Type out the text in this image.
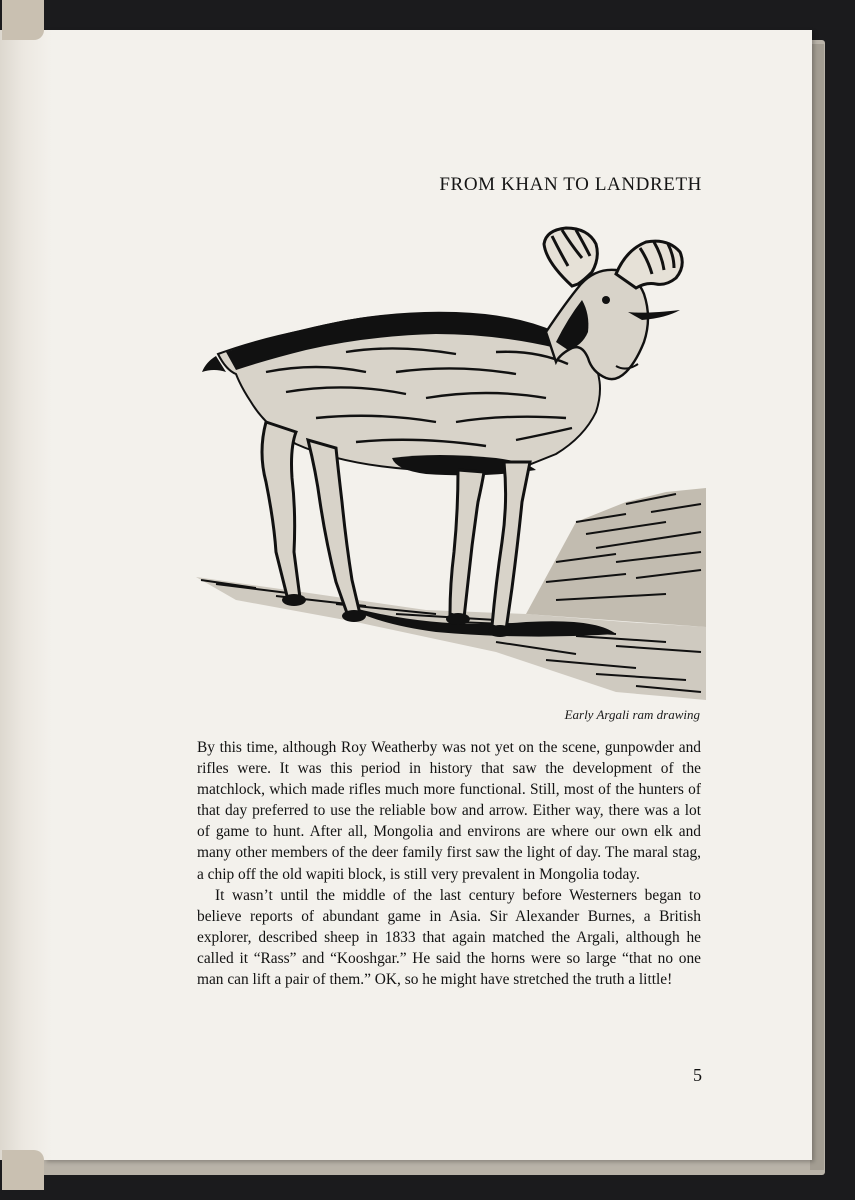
FROM KHAN TO LANDRETH
Early Argali ram drawing

By this time, although Roy Weatherby was not yet on the scene, gunpowder and rifles were. It was this period in history that saw the development of the matchlock, which made rifles much more functional. Still, most of the hunters of that day preferred to use the reliable bow and arrow. Either way, there was a lot of game to hunt. After all, Mongolia and environs are where our own elk and many other members of the deer family first saw the light of day. The maral stag, a chip off the old wapiti block, is still very prevalent in Mongolia today.

It wasn’t until the middle of the last century before Westerners began to believe reports of abundant game in Asia. Sir Alexander Burnes, a British explorer, described sheep in 1833 that again matched the Argali, although he called it “Rass” and “Kooshgar.” He said the horns were so large “that no one man can lift a pair of them.” OK, so he might have stretched the truth a little!

5
